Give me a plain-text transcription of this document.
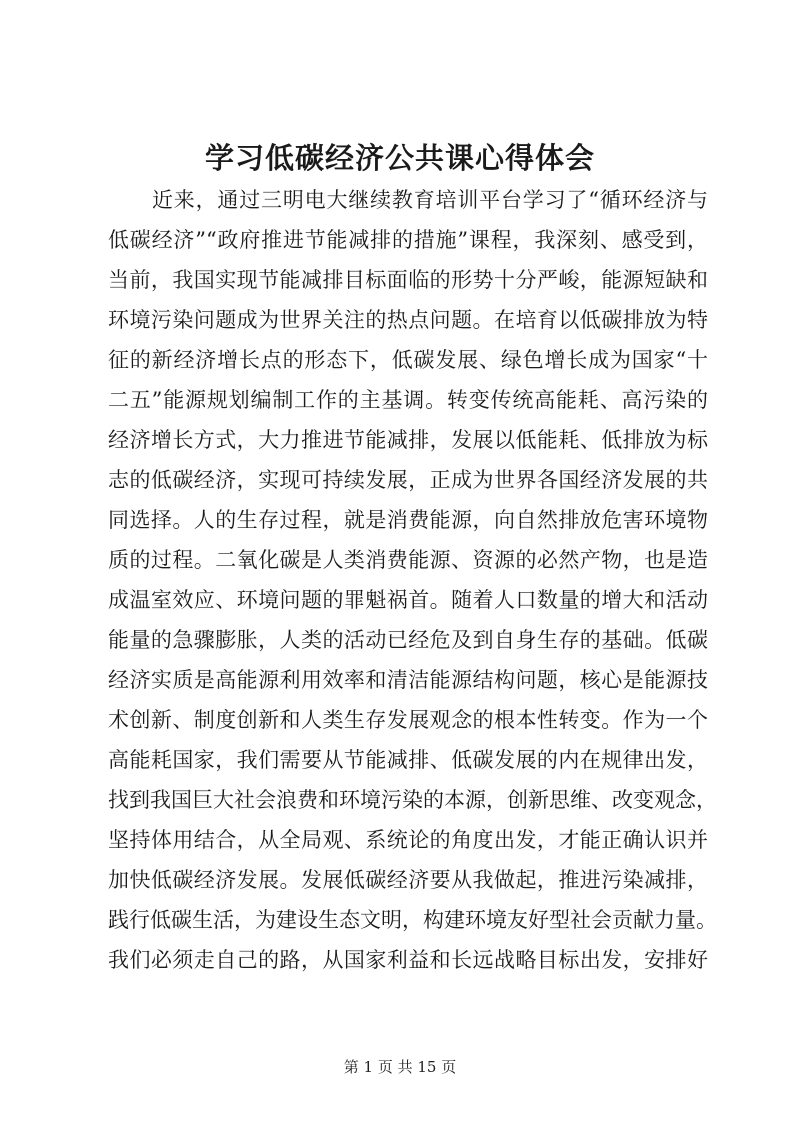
学习低碳经济公共课心得体会
近来，通过三明电大继续教育培训平台学习了“循环经济与
低碳经济”“政府推进节能减排的措施”课程，我深刻、感受到，
当前，我国实现节能减排目标面临的形势十分严峻，能源短缺和
环境污染问题成为世界关注的热点问题。在培育以低碳排放为特
征的新经济增长点的形态下，低碳发展、绿色增长成为国家“十
二五”能源规划编制工作的主基调。转变传统高能耗、高污染的
经济增长方式，大力推进节能减排，发展以低能耗、低排放为标
志的低碳经济，实现可持续发展，正成为世界各国经济发展的共
同选择。人的生存过程，就是消费能源，向自然排放危害环境物
质的过程。二氧化碳是人类消费能源、资源的必然产物，也是造
成温室效应、环境问题的罪魁祸首。随着人口数量的增大和活动
能量的急骤膨胀，人类的活动已经危及到自身生存的基础。低碳
经济实质是高能源利用效率和清洁能源结构问题，核心是能源技
术创新、制度创新和人类生存发展观念的根本性转变。作为一个
高能耗国家，我们需要从节能减排、低碳发展的内在规律出发，
找到我国巨大社会浪费和环境污染的本源，创新思维、改变观念，
坚持体用结合，从全局观、系统论的角度出发，才能正确认识并
加快低碳经济发展。发展低碳经济要从我做起，推进污染减排，
践行低碳生活，为建设生态文明，构建环境友好型社会贡献力量。
我们必须走自己的路，从国家利益和长远战略目标出发，安排好
第 1 页 共 15 页
